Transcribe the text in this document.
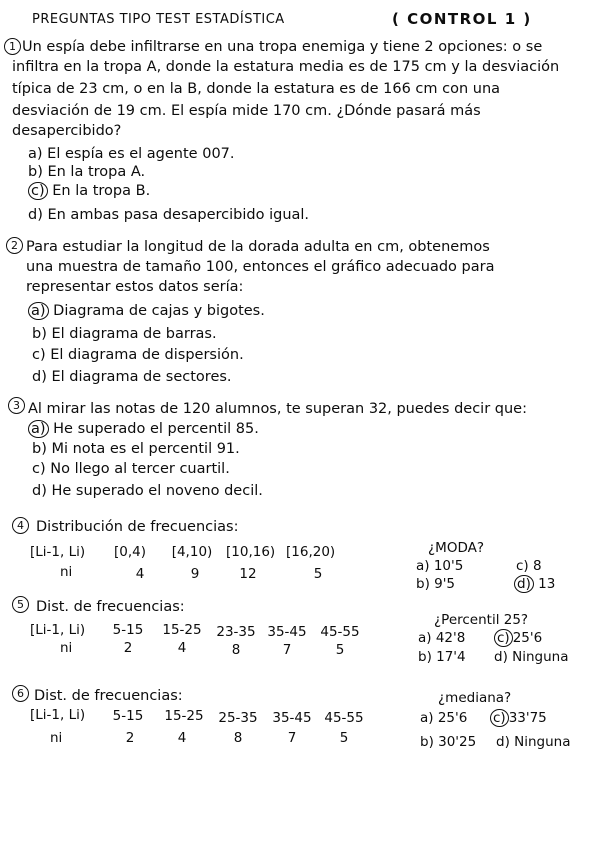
PREGUNTAS TIPO TEST ESTADÍSTICA	( CONTROL 1 )
1 Un espía debe infiltrarse en una tropa enemiga y tiene 2 opciones: o se
infiltra en la tropa A, donde la estatura media es de 175 cm y la desviación
típica de 23 cm, o en la B, donde la estatura es de 166 cm con una
desviación de 19 cm. El espía mide 170 cm. ¿Dónde pasará más
desapercibido?
a) El espía es el agente 007.
b) En la tropa A.
c) En la tropa B.
d) En ambas pasa desapercibido igual.
2 Para estudiar la longitud de la dorada adulta en cm, obtenemos
una muestra de tamaño 100, entonces el gráfico adecuado para
representar estos datos sería:
a) Diagrama de cajas y bigotes.
b) El diagrama de barras.
c) El diagrama de dispersión.
d) El diagrama de sectores.
3 Al mirar las notas de 120 alumnos, te superan 32, puedes decir que:
a) He superado el percentil 85.
b) Mi nota es el percentil 91.
c) No llego al tercer cuartil.
d) He superado el noveno decil.
4 Distribución de frecuencias:
[Li-1, Li)	[0,4)	[4,10) [10,16) [16,20)
ni	4	9	12	5
¿MODA?
a) 10'5	c) 8
b) 9'5	d) 13
5 Dist. de frecuencias:
[Li-1, Li)	5-15	15-25 23-35 35-45 45-55
ni	2	4	8	7	5
¿Percentil 25?
a) 42'8 c) 25'6
b) 17'4 d) Ninguna
6 Dist. de frecuencias:
[Li-1, Li)	5-15	15-25 25-35 35-45 45-55
ni	2	4	8	7	5
¿mediana?
a) 25'6 c) 33'75
b) 30'25 d) Ninguna
